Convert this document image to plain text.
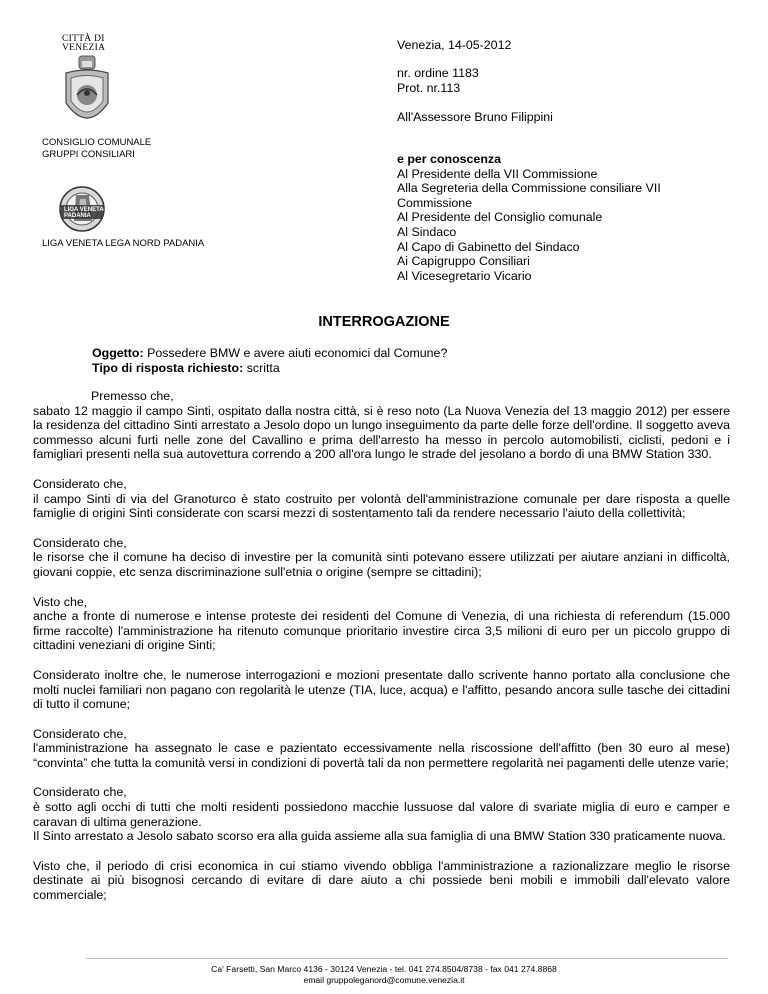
CITTÀ DI
VENEZIA
CONSIGLIO COMUNALE
GRUPPI CONSILIARI
LIGA VENETA PADANIA
LIGA VENETA LEGA NORD PADANIA
Venezia, 14-05-2012
nr. ordine 1183
Prot. nr.113
All'Assessore Bruno Filippini
e per conoscenza
Al Presidente della VII Commissione
Alla Segreteria della Commissione consiliare VII
Commissione
Al Presidente del Consiglio comunale
Al Sindaco
Al Capo di Gabinetto del Sindaco
Ai Capigruppo Consiliari
Al Vicesegretario Vicario
INTERROGAZIONE
Oggetto: Possedere BMW e avere aiuti economici dal Comune?
Tipo di risposta richiesto: scritta

Premesso che,

sabato 12 maggio il campo Sinti, ospitato dalla nostra città, si è reso noto (La Nuova Venezia del 13 maggio 2012) per essere la residenza del cittadino Sinti arrestato a Jesolo dopo un lungo inseguimento da parte delle forze dell'ordine. Il soggetto aveva commesso alcuni furti nelle zone del Cavallino e prima dell'arresto ha messo in percolo automobilisti, ciclisti, pedoni e i famigliari presenti nella sua autovettura correndo a 200 all'ora lungo le strade del jesolano a bordo di una BMW Station 330.

Considerato che,

il campo Sinti di via del Granoturco è stato costruito per volontà dell'amministrazione comunale per dare risposta a quelle famiglie di origini Sinti considerate con scarsi mezzi di sostentamento tali da rendere necessario l'aiuto della collettività;

Considerato che,

le risorse che il comune ha deciso di investire per la comunità sinti potevano essere utilizzati per aiutare anziani in difficoltà, giovani coppie, etc senza discriminazione sull'etnia o origine (sempre se cittadini);

Visto che,

anche a fronte di numerose e intense proteste dei residenti del Comune di Venezia, di una richiesta di referendum (15.000 firme raccolte) l'amministrazione ha ritenuto comunque prioritario investire circa 3,5 milioni di euro per un piccolo gruppo di cittadini veneziani di origine Sinti;

Considerato inoltre che, le numerose interrogazioni e mozioni presentate dallo scrivente hanno portato alla conclusione che molti nuclei familiari non pagano con regolarità le utenze (TIA, luce, acqua) e l'affitto, pesando ancora sulle tasche dei cittadini di tutto il comune;

Considerato che,

l'amministrazione ha assegnato le case e pazientato eccessivamente nella riscossione dell'affitto (ben 30 euro al mese) “convinta” che tutta la comunità versi in condizioni di povertà tali da non permettere regolarità nei pagamenti delle utenze varie;

Considerato che,

è sotto agli occhi di tutti che molti residenti possiedono macchie lussuose dal valore di svariate miglia di euro e camper e caravan di ultima generazione.

Il Sinto arrestato a Jesolo sabato scorso era alla guida assieme alla sua famiglia di una BMW Station 330 praticamente nuova.

Visto che, il periodo di crisi economica in cui stiamo vivendo obbliga l'amministrazione a razionalizzare meglio le risorse destinate ai più bisognosi cercando di evitare di dare aiuto a chi possiede beni mobili e immobili dall'elevato valore commerciale;

Ca' Farsetti, San Marco 4136 - 30124 Venezia - tel. 041 274.8504/8738 - fax 041 274.8868
email gruppoleganord@comune.venezia.it
